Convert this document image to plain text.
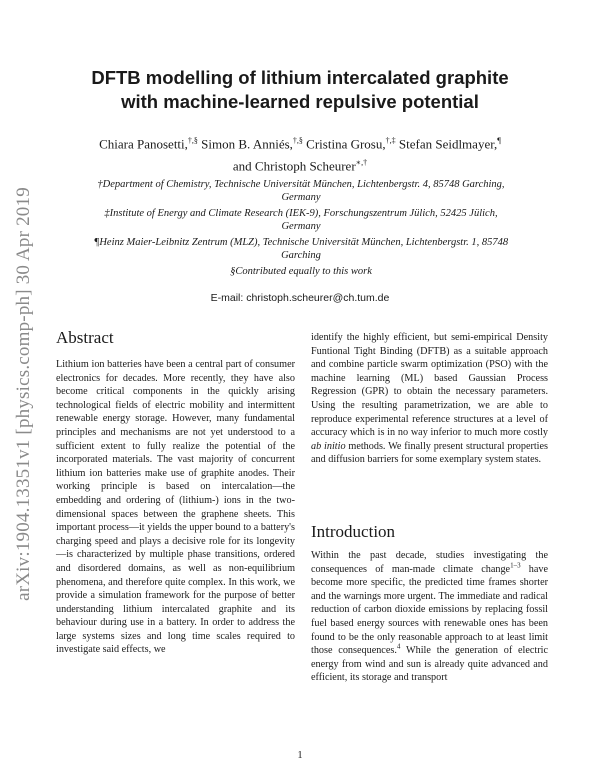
arXiv:1904.13351v1 [physics.comp-ph] 30 Apr 2019
DFTB modelling of lithium intercalated graphite
with machine-learned repulsive potential
Chiara Panosetti,†,§ Simon B. Anniés,†,§ Cristina Grosu,†,‡ Stefan Seidlmayer,¶
and Christoph Scheurer∗,†
†Department of Chemistry, Technische Universität München, Lichtenbergstr. 4, 85748 Garching, Germany
‡Institute of Energy and Climate Research (IEK-9), Forschungszentrum Jülich, 52425 Jülich, Germany
¶Heinz Maier-Leibnitz Zentrum (MLZ), Technische Universität München, Lichtenbergstr. 1, 85748 Garching
§Contributed equally to this work
E-mail: christoph.scheurer@ch.tum.de
Abstract

Lithium ion batteries have been a central part of consumer electronics for decades. More recently, they have also become critical components in the quickly arising technological fields of electric mobility and intermittent renewable energy storage. However, many fundamental principles and mechanisms are not yet understood to a sufficient extent to fully realize the potential of the incorporated materials. The vast majority of concurrent lithium ion batteries make use of graphite anodes. Their working principle is based on intercalation—the embedding and ordering of (lithium-) ions in the two-dimensional spaces between the graphene sheets. This important process—it yields the upper bound to a battery's charging speed and plays a decisive role for its longevity—is characterized by multiple phase transitions, ordered and disordered domains, as well as non-equilibrium phenomena, and therefore quite complex. In this work, we provide a simulation framework for the purpose of better understanding lithium intercalated graphite and its behaviour during use in a battery. In order to address the large systems sizes and long time scales required to investigate said effects, we

identify the highly efficient, but semi-empirical Density Funtional Tight Binding (DFTB) as a suitable approach and combine particle swarm optimization (PSO) with the machine learning (ML) based Gaussian Process Regression (GPR) to obtain the necessary parameters. Using the resulting parametrization, we are able to reproduce experimental reference structures at a level of accuracy which is in no way inferior to much more costly ab initio methods. We finally present structural properties and diffusion barriers for some exemplary system states.

Introduction

Within the past decade, studies investigating the consequences of man-made climate change$^{1-3}$ have become more specific, the predicted time frames shorter and the warnings more urgent. The immediate and radical reduction of carbon dioxide emissions by replacing fossil fuel based energy sources with renewable ones has been found to be the only reasonable approach to at least limit those consequences.$^4$ While the generation of electric energy from wind and sun is already quite advanced and efficient, its storage and transport

1
